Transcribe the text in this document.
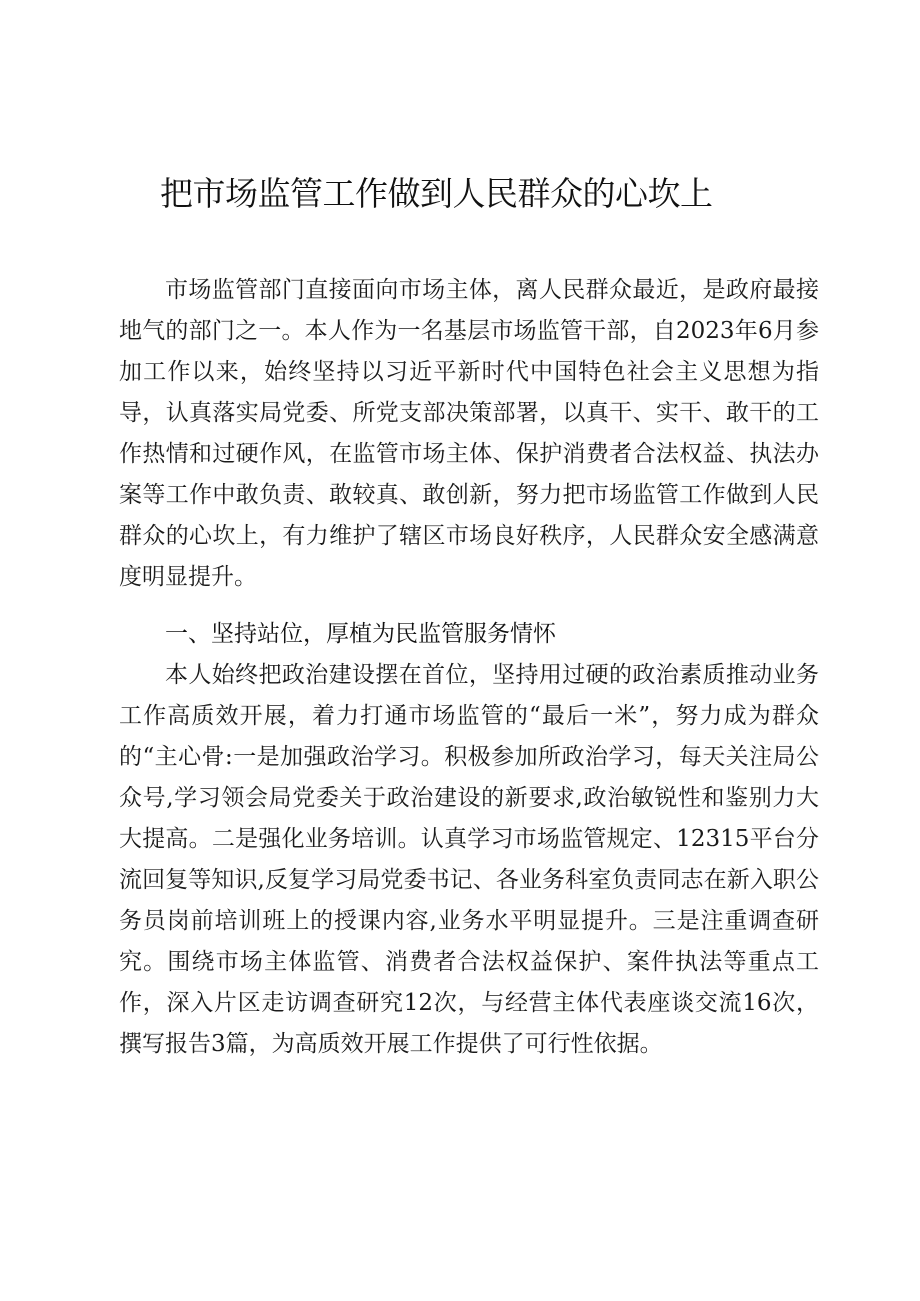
把市场监管工作做到人民群众的心坎上

市场监管部门直接面向市场主体，离人民群众最近，是政府最接地气的部门之一。本人作为一名基层市场监管干部，自2023年6月参加工作以来，始终坚持以习近平新时代中国特色社会主义思想为指导，认真落实局党委、所党支部决策部署，以真干、实干、敢干的工作热情和过硬作风，在监管市场主体、保护消费者合法权益、执法办案等工作中敢负责、敢较真、敢创新，努力把市场监管工作做到人民群众的心坎上，有力维护了辖区市场良好秩序，人民群众安全感满意度明显提升。

一、坚持站位，厚植为民监管服务情怀

本人始终把政治建设摆在首位，坚持用过硬的政治素质推动业务工作高质效开展，着力打通市场监管的“最后一米”，努力成为群众的“主心骨:一是加强政治学习。积极参加所政治学习，每天关注局公众号,学习领会局党委关于政治建设的新要求,政治敏锐性和鉴别力大大提高。二是强化业务培训。认真学习市场监管规定、12315平台分流回复等知识,反复学习局党委书记、各业务科室负责同志在新入职公务员岗前培训班上的授课内容,业务水平明显提升。三是注重调查研究。围绕市场主体监管、消费者合法权益保护、案件执法等重点工作，深入片区走访调查研究12次，与经营主体代表座谈交流16次，撰写报告3篇，为高质效开展工作提供了可行性依据。
